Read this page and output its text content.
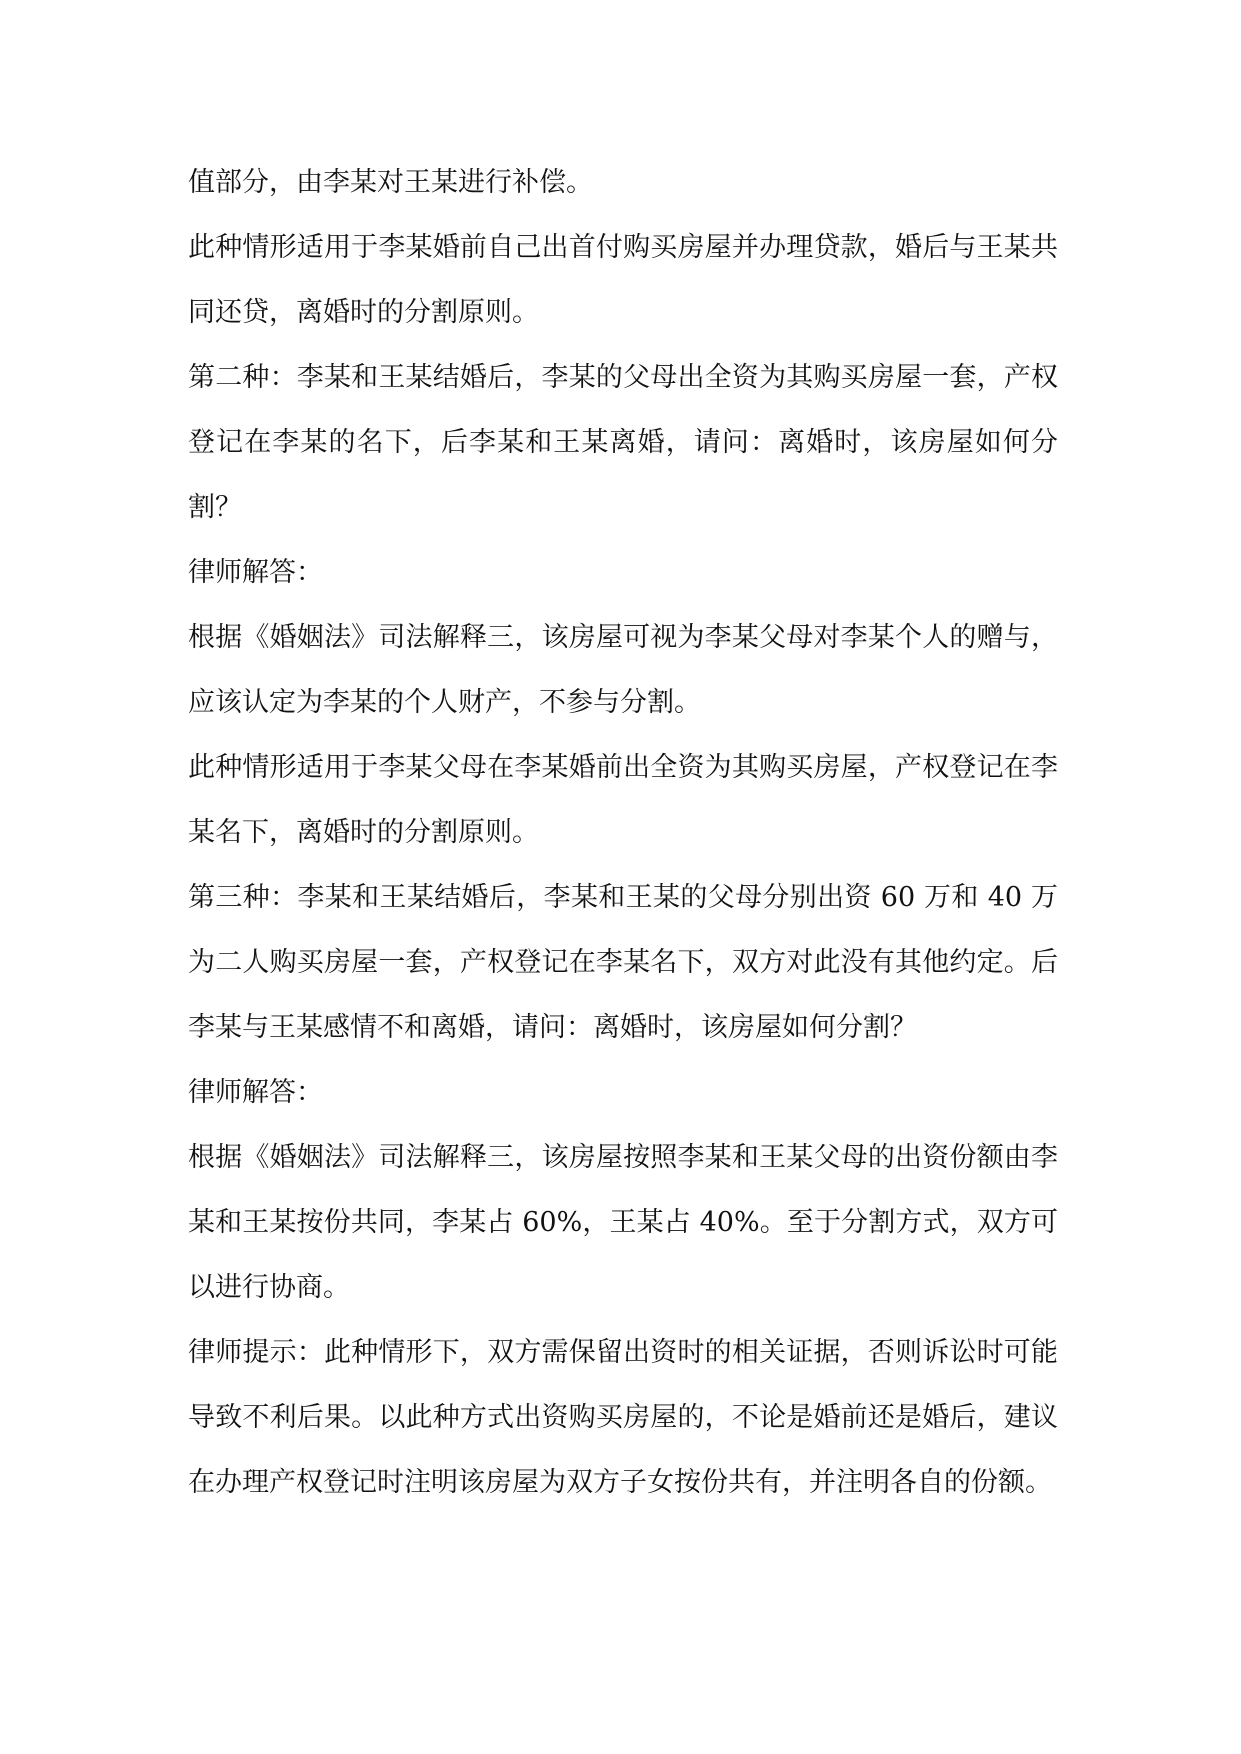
值部分，由李某对王某进行补偿。

此种情形适用于李某婚前自己出首付购买房屋并办理贷款，婚后与王某共同还贷，离婚时的分割原则。

第二种：李某和王某结婚后，李某的父母出全资为其购买房屋一套，产权登记在李某的名下，后李某和王某离婚，请问：离婚时，该房屋如何分割？

律师解答：

根据《婚姻法》司法解释三，该房屋可视为李某父母对李某个人的赠与，应该认定为李某的个人财产，不参与分割。

此种情形适用于李某父母在李某婚前出全资为其购买房屋，产权登记在李某名下，离婚时的分割原则。

第三种：李某和王某结婚后，李某和王某的父母分别出资 60 万和 40 万为二人购买房屋一套，产权登记在李某名下，双方对此没有其他约定。后李某与王某感情不和离婚，请问：离婚时，该房屋如何分割？

律师解答：

根据《婚姻法》司法解释三，该房屋按照李某和王某父母的出资份额由李某和王某按份共同，李某占 60%，王某占 40%。至于分割方式，双方可以进行协商。

律师提示：此种情形下，双方需保留出资时的相关证据，否则诉讼时可能导致不利后果。以此种方式出资购买房屋的，不论是婚前还是婚后，建议在办理产权登记时注明该房屋为双方子女按份共有，并注明各自的份额。
